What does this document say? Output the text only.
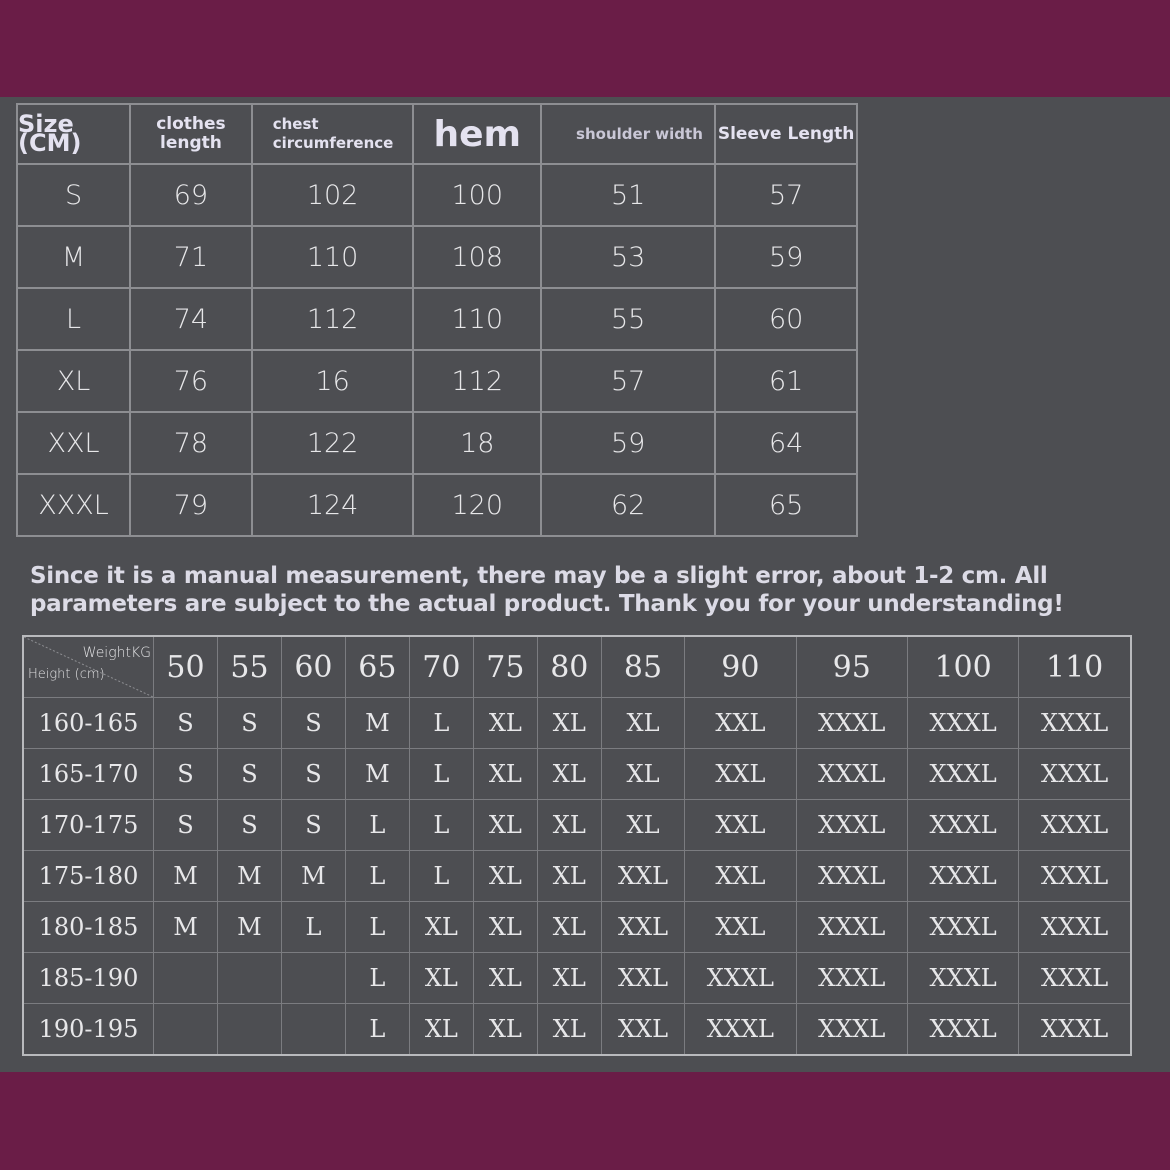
Size (CM)	clothes length	chest circumference	hem	shoulder width	Sleeve Length
S	69	102	100	51	57
M	71	110	108	53	59
L	74	112	110	55	60
XL	76	16	112	57	61
XXL	78	122	18	59	64
XXXL	79	124	120	62	65
Since it is a manual measurement, there may be a slight error, about 1-2 cm. All parameters are subject to the actual product. Thank you for your understanding!
WeightKG
Height (cm)	50	55	60	65	70	75	80	85	90	95	100	110
160-165	S	S	S	M	L	XL	XL	XL	XXL	XXXL	XXXL	XXXL
165-170	S	S	S	M	L	XL	XL	XL	XXL	XXXL	XXXL	XXXL
170-175	S	S	S	L	L	XL	XL	XL	XXL	XXXL	XXXL	XXXL
175-180	M	M	M	L	L	XL	XL	XXL	XXL	XXXL	XXXL	XXXL
180-185	M	M	L	L	XL	XL	XL	XXL	XXL	XXXL	XXXL	XXXL
185-190				L	XL	XL	XL	XXL	XXXL	XXXL	XXXL	XXXL
190-195				L	XL	XL	XL	XXL	XXXL	XXXL	XXXL	XXXL
